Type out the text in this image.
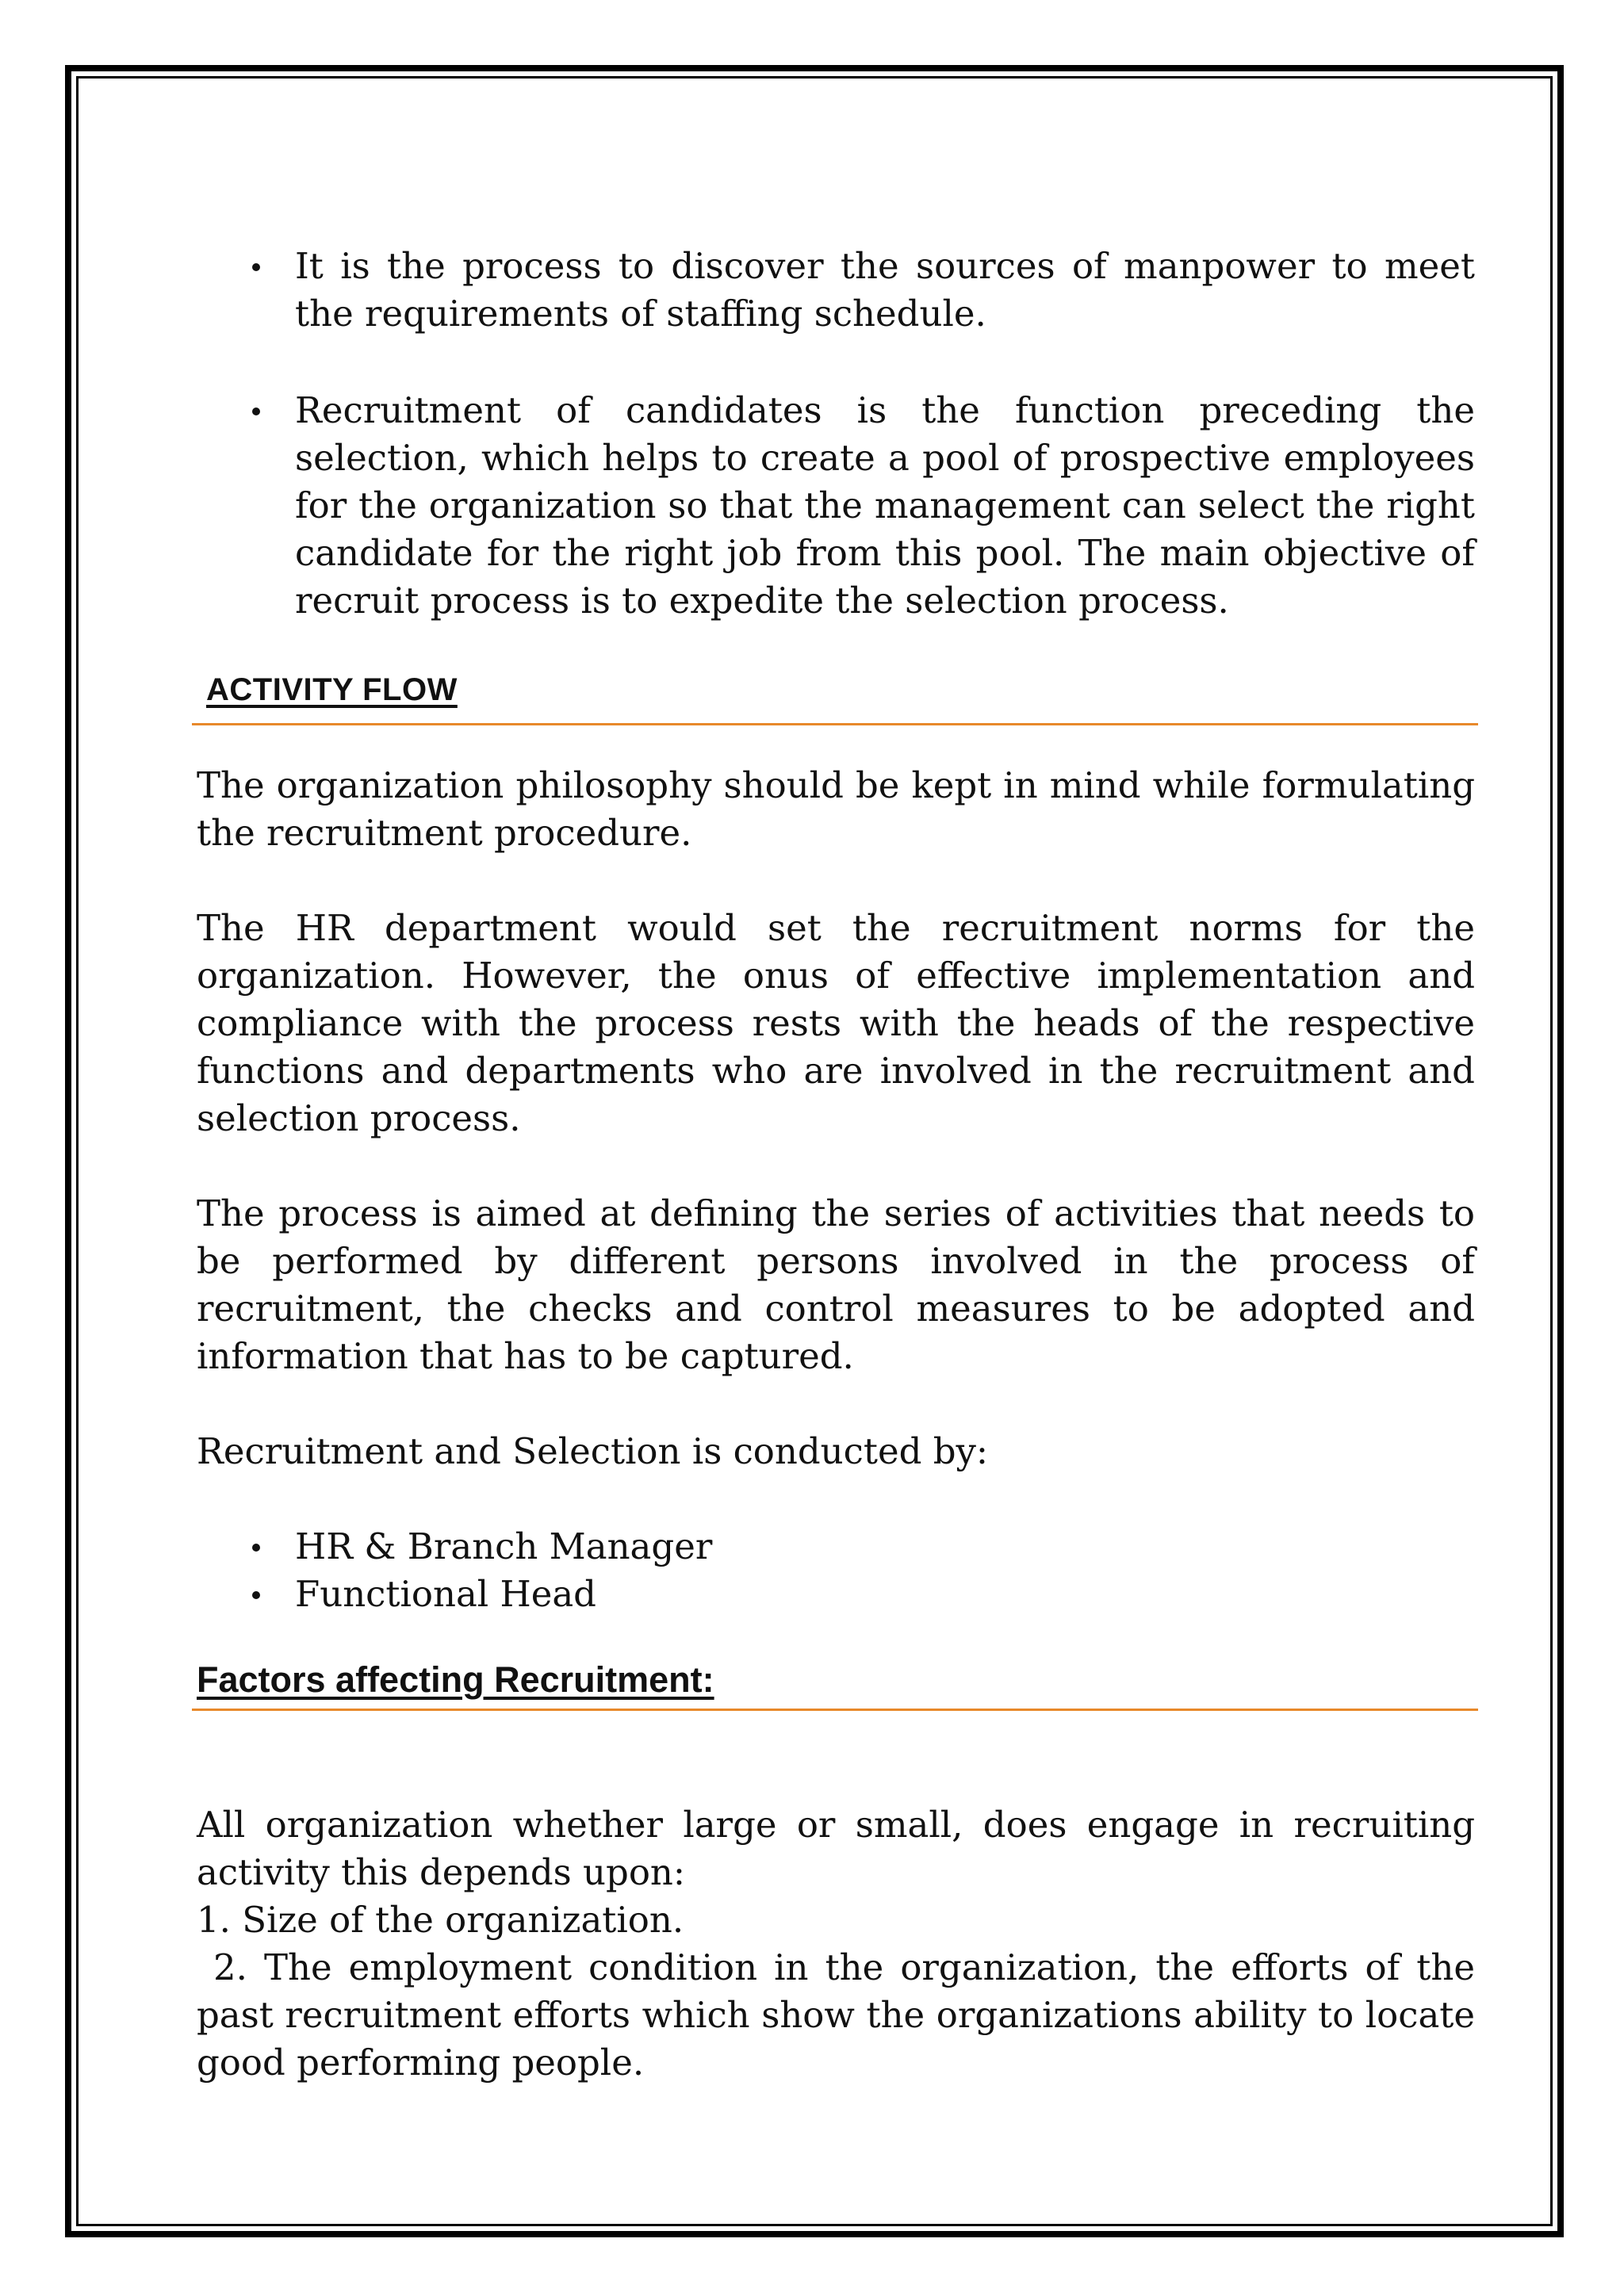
It is the process to discover the sources of manpower to meet the requirements of staffing schedule.
Recruitment of candidates is the function preceding the selection, which helps to create a pool of prospective employees for the organization so that the management can select the right candidate for the right job from this pool. The main objective of recruit process is to expedite the selection process.
ACTIVITY FLOW

The organization philosophy should be kept in mind while formulating the recruitment procedure.

The HR department would set the recruitment norms for the organization. However, the onus of effective implementation and compliance with the process rests with the heads of the respective functions and departments who are involved in the recruitment and selection process.

The process is aimed at defining the series of activities that needs to be performed by different persons involved in the process of recruitment, the checks and control measures to be adopted and information that has to be captured.

Recruitment and Selection is conducted by:

HR & Branch Manager
Functional Head
Factors affecting Recruitment:

All organization whether large or small, does engage in recruiting activity this depends upon:

1. Size of the organization.

2. The employment condition in the organization, the efforts of the past recruitment efforts which show the organizations ability to locate good performing people.
